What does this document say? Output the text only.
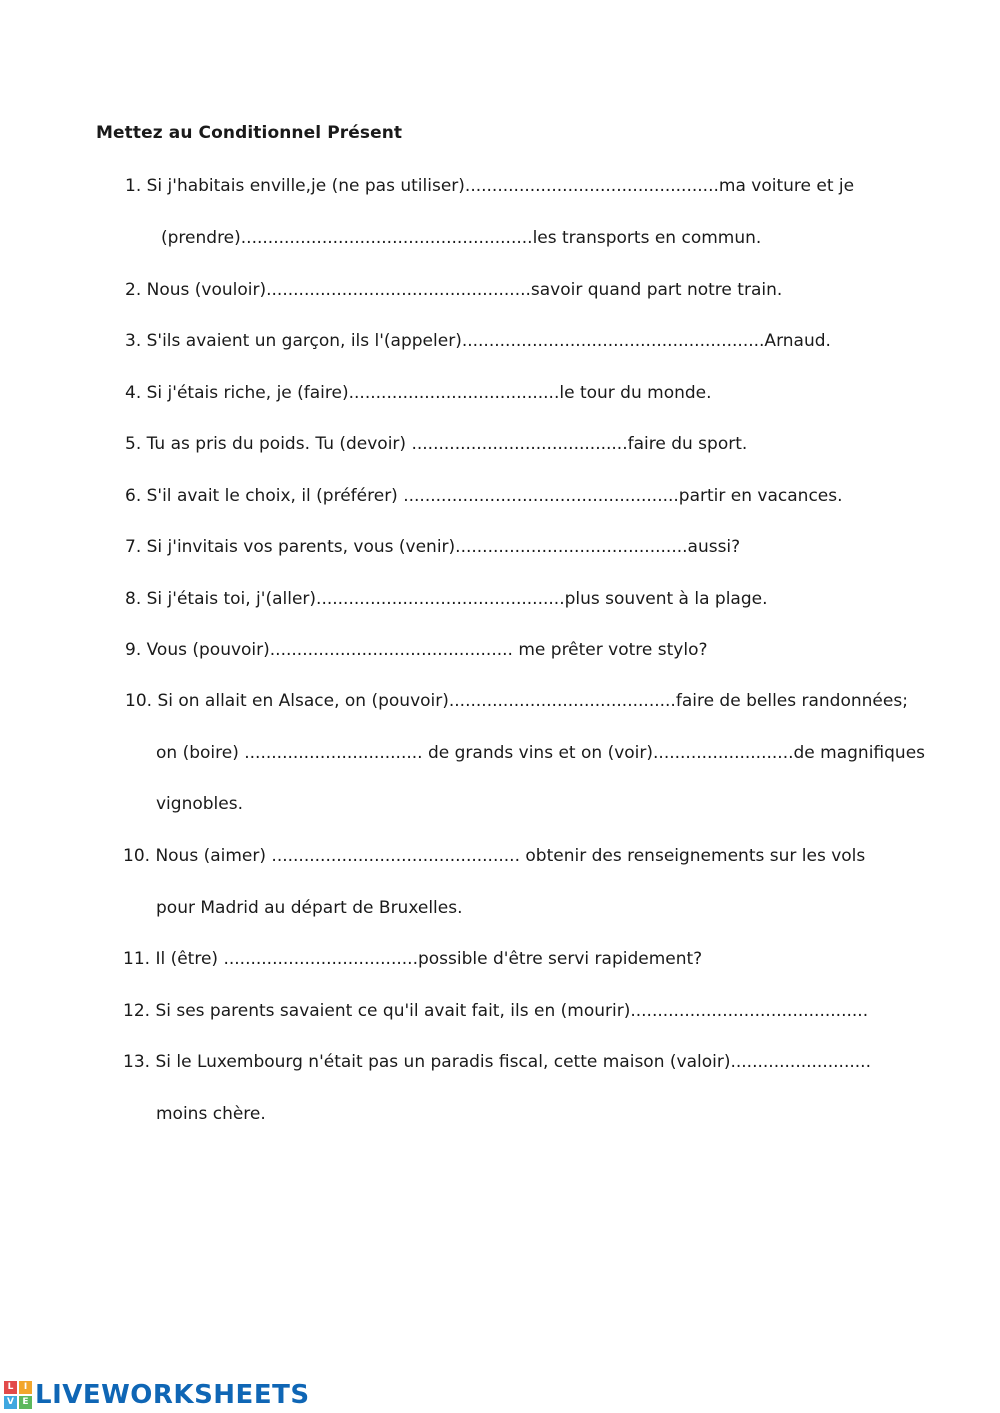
Mettez au Conditionnel Présent
1. Si j'habitais enville,je (ne pas utiliser)...............................................ma voiture et je
(prendre)......................................................les transports en commun.
2. Nous (vouloir).................................................savoir quand part notre train.
3. S'ils avaient un garçon, ils l'(appeler)........................................................Arnaud.
4. Si j'étais riche, je (faire).......................................le tour du monde.
5. Tu as pris du poids. Tu (devoir) ........................................faire du sport.
6. S'il avait le choix, il (préférer) ...................................................partir en vacances.
7. Si j'invitais vos parents, vous (venir)...........................................aussi?
8. Si j'étais toi, j'(aller)..............................................plus souvent à la plage.
9. Vous (pouvoir)............................................. me prêter votre stylo?
10. Si on allait en Alsace, on (pouvoir)..........................................faire de belles randonnées;
on (boire) ................................. de grands vins et on (voir)..........................de magnifiques
vignobles.
10. Nous (aimer) .............................................. obtenir des renseignements sur les vols
pour Madrid au départ de Bruxelles.
11. Il (être) ....................................possible d'être servi rapidement?
12. Si ses parents savaient ce qu'il avait fait, ils en (mourir)............................................
13. Si le Luxembourg n'était pas un paradis fiscal, cette maison (valoir)..........................
moins chère.
L	I
V E LIVEWORKSHEETS
